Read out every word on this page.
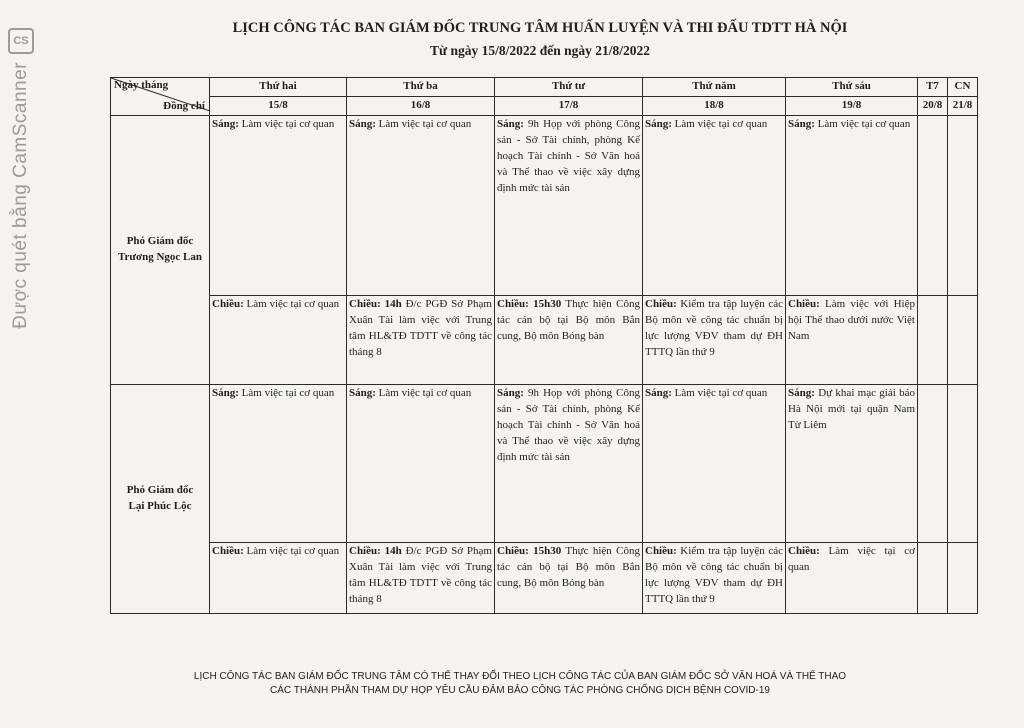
CS
Được quét bằng CamScanner
LỊCH CÔNG TÁC BAN GIÁM ĐỐC TRUNG TÂM HUẤN LUYỆN VÀ THI ĐẤU TDTT HÀ NỘI
Từ ngày 15/8/2022 đến ngày 21/8/2022
Ngày tháng
Đồng chí	Thứ hai	Thứ ba	Thứ tư	Thứ năm	Thứ sáu	T7	CN
	15/8	16/8	17/8	18/8	19/8	20/8	21/8
Phó Giám đốc
Trương Ngọc Lan	Sáng: Làm việc tại cơ quan	Sáng: Làm việc tại cơ quan	Sáng: 9h Họp với phòng Công sản - Sở Tài chính, phòng Kế hoạch Tài chính - Sở Văn hoá và Thể thao về việc xây dựng định mức tài sản	Sáng: Làm việc tại cơ quan	Sáng: Làm việc tại cơ quan		
	Chiều: Làm việc tại cơ quan	Chiều: 14h Đ/c PGĐ Sở Phạm Xuân Tài làm việc với Trung tâm HL&TĐ TDTT về công tác tháng 8	Chiều: 15h30 Thực hiện Công tác cán bộ tại Bộ môn Bắn cung, Bộ môn Bóng bàn	Chiều: Kiểm tra tập luyện các Bộ môn về công tác chuẩn bị lực lượng VĐV tham dự ĐH TTTQ lần thứ 9	Chiều: Làm việc với Hiệp hội Thể thao dưới nước Việt Nam		
Phó Giám đốc
Lại Phúc Lộc	Sáng: Làm việc tại cơ quan	Sáng: Làm việc tại cơ quan	Sáng: 9h Họp với phòng Công sản - Sở Tài chính, phòng Kế hoạch Tài chính - Sở Văn hoá và Thể thao về việc xây dựng định mức tài sản	Sáng: Làm việc tại cơ quan	Sáng: Dự khai mạc giải báo Hà Nội mới tại quận Nam Từ Liêm		
	Chiều: Làm việc tại cơ quan	Chiều: 14h Đ/c PGĐ Sở Phạm Xuân Tài làm việc với Trung tâm HL&TĐ TDTT về công tác tháng 8	Chiều: 15h30 Thực hiện Công tác cán bộ tại Bộ môn Bắn cung, Bộ môn Bóng bàn	Chiều: Kiểm tra tập luyện các Bộ môn về công tác chuẩn bị lực lượng VĐV tham dự ĐH TTTQ lần thứ 9	Chiều: Làm việc tại cơ quan		
LỊCH CÔNG TÁC BAN GIÁM ĐỐC TRUNG TÂM CÓ THỂ THAY ĐỔI THEO LỊCH CÔNG TÁC CỦA BAN GIÁM ĐỐC SỞ VĂN HOÁ VÀ THỂ THAO
CÁC THÀNH PHẦN THAM DỰ HỌP YÊU CẦU ĐẢM BẢO CÔNG TÁC PHÒNG CHỐNG DỊCH BỆNH COVID-19
